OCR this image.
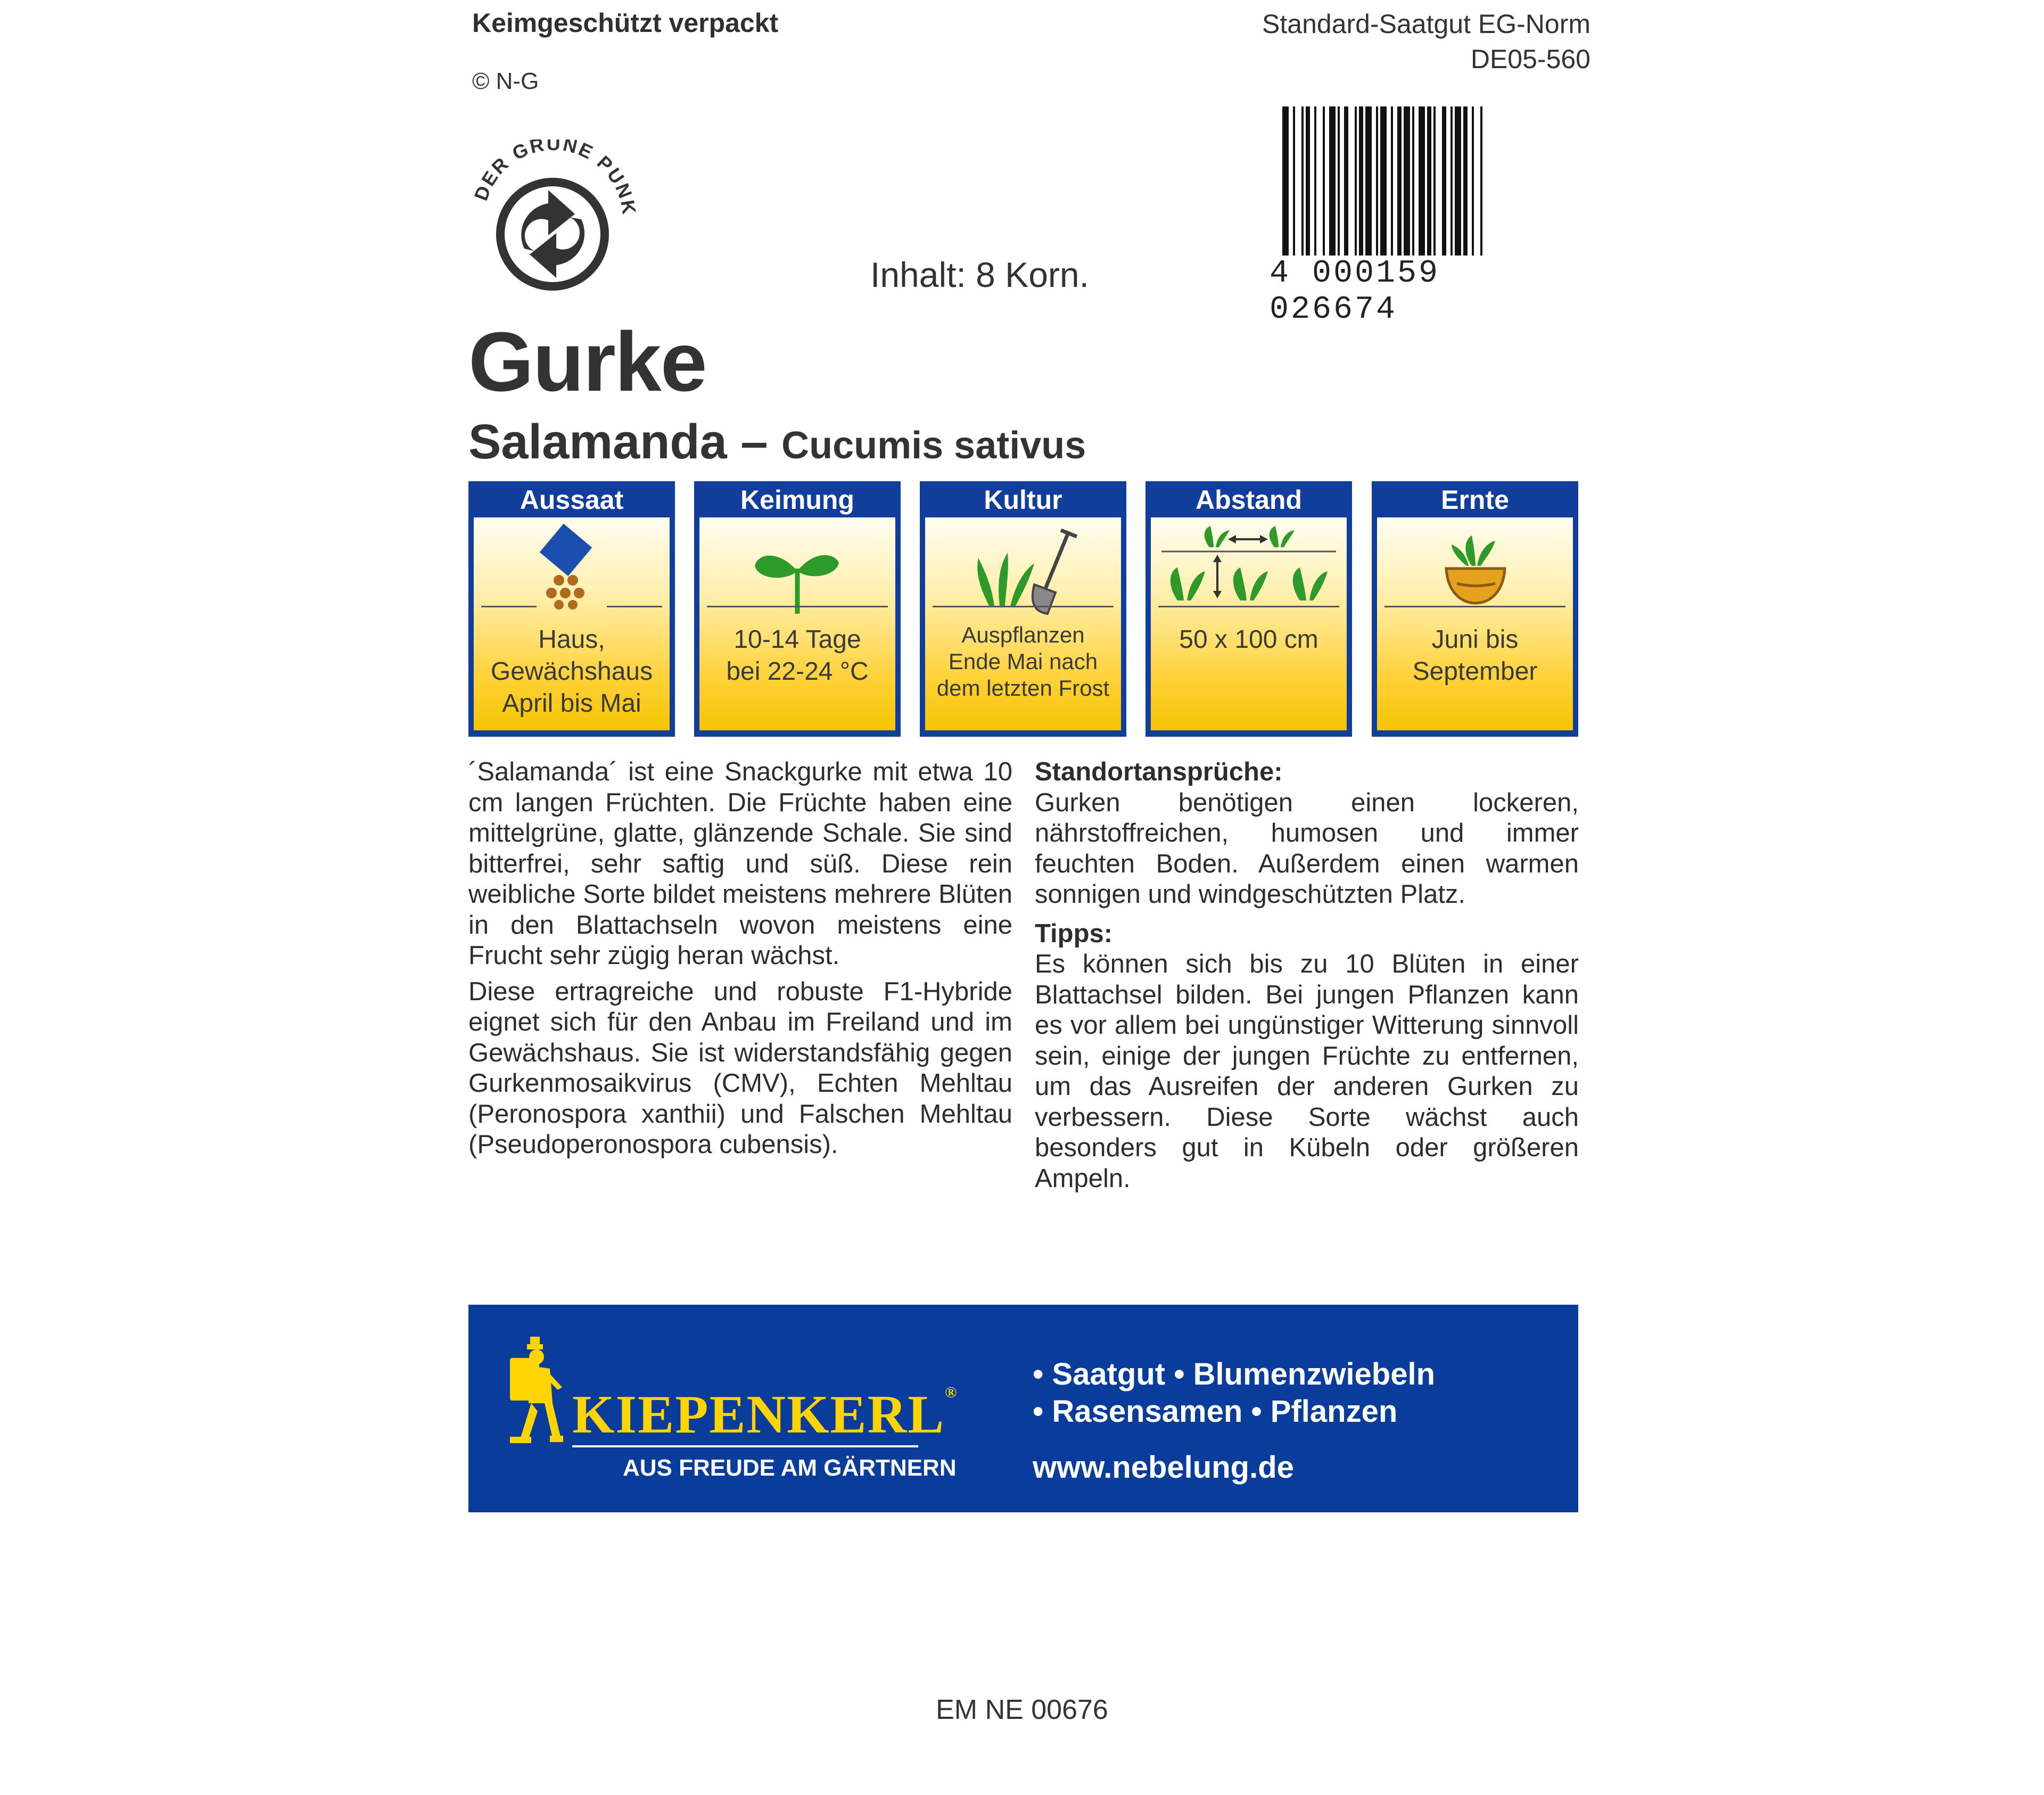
Keimgeschützt verpackt
© N-G
Standard-Saatgut EG-Norm
DE05-560
DER GRÜNE PUNK
Inhalt: 8 Korn.	4 000159 026674
Gurke
Salamanda – Cucumis sativus
Aussaat
Haus,
Gewächshaus
April bis Mai
Keimung
10-14 Tage
bei 22-24 °C
Kultur
Auspflanzen
Ende Mai nach
dem letzten Frost
Abstand
50 x 100 cm
Ernte
Juni bis
September

´Salamanda´ ist eine Snackgurke mit etwa 10 cm langen Früchten. Die Früchte haben eine mittelgrüne, glatte, glänzende Schale. Sie sind bitterfrei, sehr saftig und süß. Diese rein weibliche Sorte bildet meistens mehrere Blüten in den Blattachseln wovon meistens eine Frucht sehr zügig heran wächst.

Diese ertragreiche und robuste F1-Hybride eignet sich für den Anbau im Freiland und im Gewächshaus. Sie ist widerstandsfähig gegen Gurkenmosaikvirus (CMV), Echten Mehltau (Peronospora xanthii) und Falschen Mehltau (Pseudoperonospora cubensis).

Standortansprüche:

Gurken benötigen einen lockeren, nährstoffreichen, humosen und immer feuchten Boden. Außerdem einen warmen sonnigen und windgeschützten Platz.

Tipps:

Es können sich bis zu 10 Blüten in einer Blattachsel bilden. Bei jungen Pflanzen kann es vor allem bei ungünstiger Witterung sinnvoll sein, einige der jungen Früchte zu entfernen, um das Ausreifen der anderen Gurken zu verbessern. Diese Sorte wächst auch besonders gut in Kübeln oder größeren Ampeln.

KIEPENKERL®
AUS FREUDE AM GÄRTNERN
• Saatgut • Blumenzwiebeln
• Rasensamen • Pflanzen
www.nebelung.de
EM NE 00676
